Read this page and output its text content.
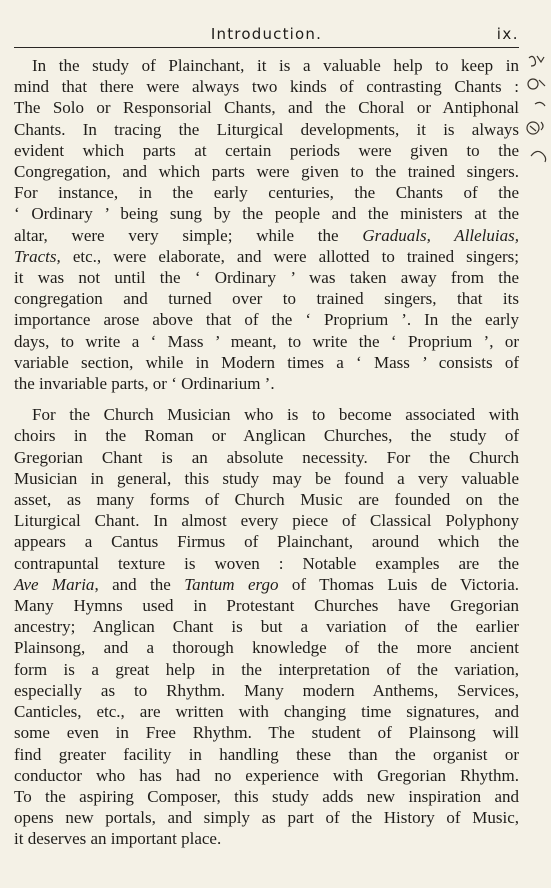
Introduction.	ix.

In the study of Plainchant, it is a valuable help to keep in
mind that there were always two kinds of contrasting Chants :
The Solo or Responsorial Chants, and the Choral or Antiphonal
Chants. In tracing the Liturgical developments, it is always
evident which parts at certain periods were given to the
Congregation, and which parts were given to the trained singers.
For instance, in the early centuries, the Chants of the
‘ Ordinary ’ being sung by the people and the ministers at the
altar, were very simple; while the Graduals, Alleluias,
Tracts, etc., were elaborate, and were allotted to trained singers;
it was not until the ‘ Ordinary ’ was taken away from the
congregation and turned over to trained singers, that its
importance arose above that of the ‘ Proprium ’. In the early
days, to write a ‘ Mass ’ meant, to write the ‘ Proprium ’, or
variable section, while in Modern times a ‘ Mass ’ consists of
the invariable parts, or ‘ Ordinarium ’.

For the Church Musician who is to become associated with
choirs in the Roman or Anglican Churches, the study of
Gregorian Chant is an absolute necessity. For the Church
Musician in general, this study may be found a very valuable
asset, as many forms of Church Music are founded on the
Liturgical Chant. In almost every piece of Classical Polyphony
appears a Cantus Firmus of Plainchant, around which the
contrapuntal texture is woven : Notable examples are the
Ave Maria, and the Tantum ergo of Thomas Luis de Victoria.
Many Hymns used in Protestant Churches have Gregorian
ancestry; Anglican Chant is but a variation of the earlier
Plainsong, and a thorough knowledge of the more ancient
form is a great help in the interpretation of the variation,
especially as to Rhythm. Many modern Anthems, Services,
Canticles, etc., are written with changing time signatures, and
some even in Free Rhythm. The student of Plainsong will
find greater facility in handling these than the organist or
conductor who has had no experience with Gregorian Rhythm.
To the aspiring Composer, this study adds new inspiration and
opens new portals, and simply as part of the History of Music,
it deserves an important place.
